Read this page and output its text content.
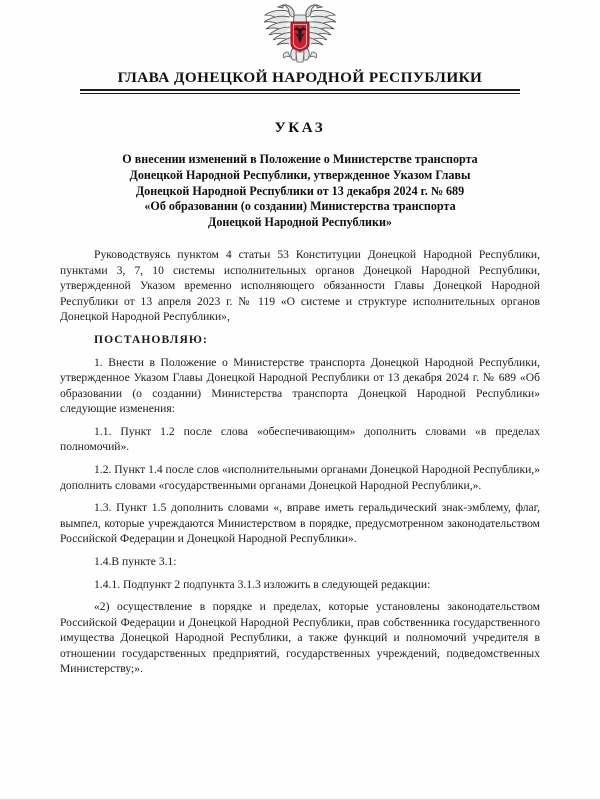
ГЛАВА ДОНЕЦКОЙ НАРОДНОЙ РЕСПУБЛИКИ
УКАЗ
О внесении изменений в Положение о Министерстве транспорта
Донецкой Народной Республики, утвержденное Указом Главы
Донецкой Народной Республики от 13 декабря 2024 г. № 689
«Об образовании (о создании) Министерства транспорта
Донецкой Народной Республики»

Руководствуясь пунктом 4 статьи 53 Конституции Донецкой Народной Республики, пунктами 3, 7, 10 системы исполнительных органов Донецкой Народной Республики, утвержденной Указом временно исполняющего обязанности Главы Донецкой Народной Республики от 13 апреля 2023 г. № 119 «О системе и структуре исполнительных органов Донецкой Народной Республики»,

ПОСТАНОВЛЯЮ:

1. Внести в Положение о Министерстве транспорта Донецкой Народной Республики, утвержденное Указом Главы Донецкой Народной Республики от 13 декабря 2024 г. № 689 «Об образовании (о создании) Министерства транспорта Донецкой Народной Республики» следующие изменения:

1.1. Пункт 1.2 после слова «обеспечивающим» дополнить словами «в пределах полномочий».

1.2. Пункт 1.4 после слов «исполнительными органами Донецкой Народной Республики,» дополнить словами «государственными органами Донецкой Народной Республики,».

1.3. Пункт 1.5 дополнить словами «, вправе иметь геральдический знак-эмблему, флаг, вымпел, которые учреждаются Министерством в порядке, предусмотренном законодательством Российской Федерации и Донецкой Народной Республики».

1.4.В пункте 3.1:

1.4.1. Подпункт 2 подпункта 3.1.3 изложить в следующей редакции:

«2) осуществление в порядке и пределах, которые установлены законодательством Российской Федерации и Донецкой Народной Республики, прав собственника государственного имущества Донецкой Народной Республики, а также функций и полномочий учредителя в отношении государственных предприятий, государственных учреждений, подведомственных Министерству;».
